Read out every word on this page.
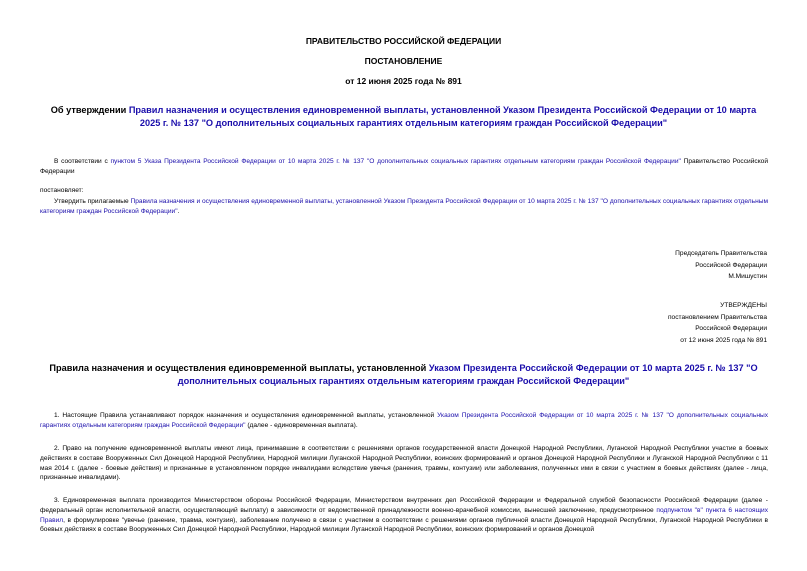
ПРАВИТЕЛЬСТВО РОССИЙСКОЙ ФЕДЕРАЦИИ
ПОСТАНОВЛЕНИЕ
от 12 июня 2025 года № 891
Об утверждении Правил назначения и осуществления единовременной выплаты, установленной Указом Президента Российской Федерации от 10 марта 2025 г. № 137 "О дополнительных социальных гарантиях отдельным категориям граждан Российской Федерации"
В соответствии с пунктом 5 Указа Президента Российской Федерации от 10 марта 2025 г. № 137 "О дополнительных социальных гарантиях отдельным категориям граждан Российской Федерации" Правительство Российской Федерации
постановляет:
Утвердить прилагаемые Правила назначения и осуществления единовременной выплаты, установленной Указом Президента Российской Федерации от 10 марта 2025 г. № 137 "О дополнительных социальных гарантиях отдельным категориям граждан Российской Федерации".
Председатель Правительства
Российской Федерации
М.Мишустин
УТВЕРЖДЕНЫ
постановлением Правительства
Российской Федерации
от 12 июня 2025 года № 891
Правила назначения и осуществления единовременной выплаты, установленной Указом Президента Российской Федерации от 10 марта 2025 г. № 137 "О дополнительных социальных гарантиях отдельным категориям граждан Российской Федерации"
1. Настоящие Правила устанавливают порядок назначения и осуществления единовременной выплаты, установленной Указом Президента Российской Федерации от 10 марта 2025 г. № 137 "О дополнительных социальных гарантиях отдельным категориям граждан Российской Федерации" (далее - единовременная выплата).
2. Право на получение единовременной выплаты имеют лица, принимавшие в соответствии с решениями органов государственной власти Донецкой Народной Республики, Луганской Народной Республики участие в боевых действиях в составе Вооруженных Сил Донецкой Народной Республики, Народной милиции Луганской Народной Республики, воинских формирований и органов Донецкой Народной Республики и Луганской Народной Республики с 11 мая 2014 г. (далее - боевые действия) и признанные в установленном порядке инвалидами вследствие увечья (ранения, травмы, контузии) или заболевания, полученных ими в связи с участием в боевых действиях (далее - лица, признанные инвалидами).
3. Единовременная выплата производится Министерством обороны Российской Федерации, Министерством внутренних дел Российской Федерации и Федеральной службой безопасности Российской Федерации (далее - федеральный орган исполнительной власти, осуществляющий выплату) в зависимости от ведомственной принадлежности военно-врачебной комиссии, вынесшей заключение, предусмотренное подпунктом "в" пункта 6 настоящих Правил, в формулировке "увечье (ранение, травма, контузия), заболевание получено в связи с участием в соответствии с решениями органов публичной власти Донецкой Народной Республики, Луганской Народной Республики в боевых действиях в составе Вооруженных Сил Донецкой Народной Республики, Народной милиции Луганской Народной Республики, воинских формирований и органов Донецкой
